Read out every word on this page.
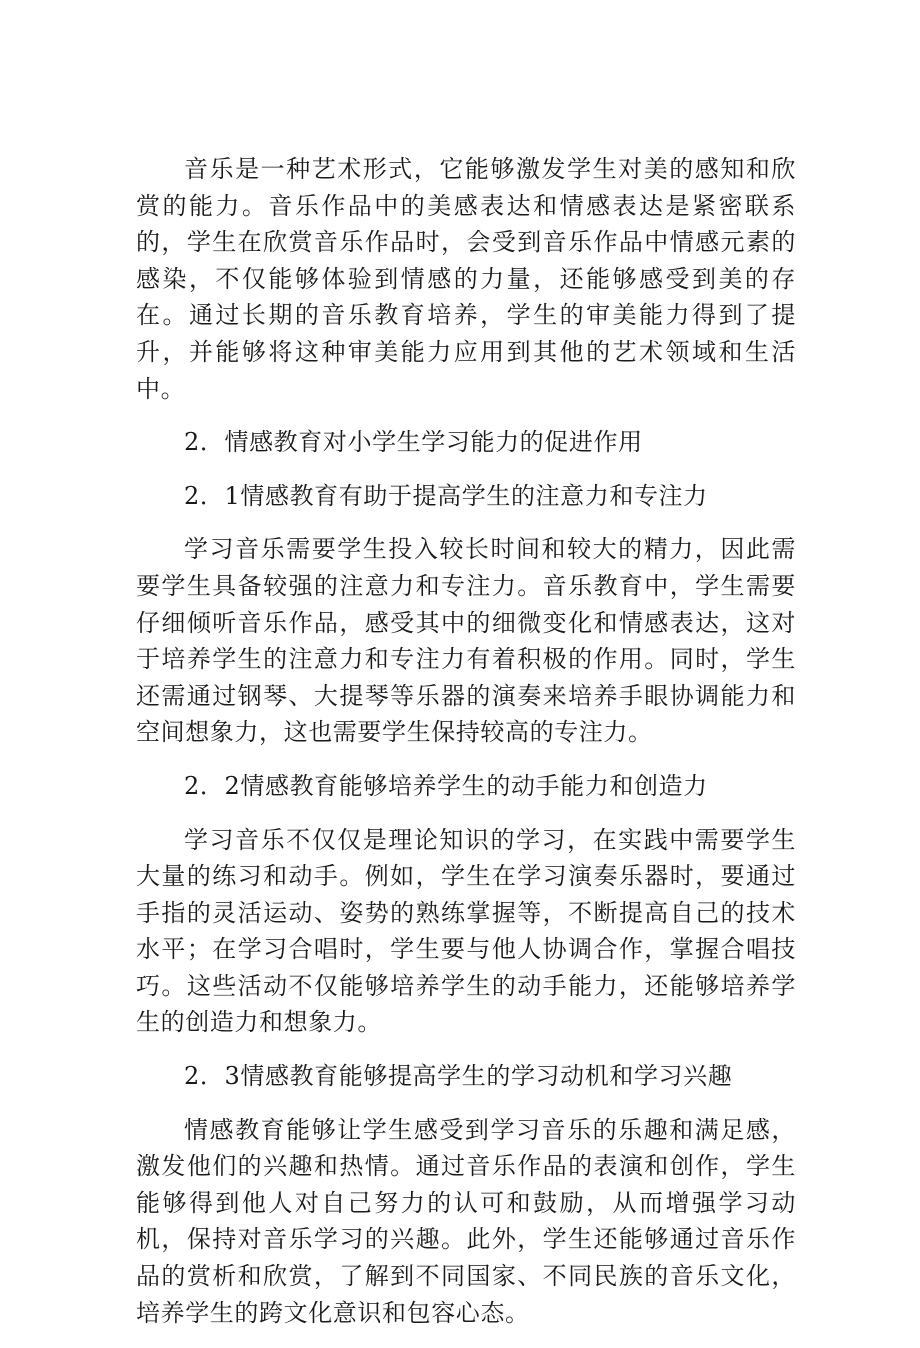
音乐是一种艺术形式，它能够激发学生对美的感知和欣赏的能力。音乐作品中的美感表达和情感表达是紧密联系的，学生在欣赏音乐作品时，会受到音乐作品中情感元素的感染，不仅能够体验到情感的力量，还能够感受到美的存在。通过长期的音乐教育培养，学生的审美能力得到了提升，并能够将这种审美能力应用到其他的艺术领域和生活中。

2．情感教育对小学生学习能力的促进作用

2．1情感教育有助于提高学生的注意力和专注力

学习音乐需要学生投入较长时间和较大的精力，因此需要学生具备较强的注意力和专注力。音乐教育中，学生需要仔细倾听音乐作品，感受其中的细微变化和情感表达，这对于培养学生的注意力和专注力有着积极的作用。同时，学生还需通过钢琴、大提琴等乐器的演奏来培养手眼协调能力和空间想象力，这也需要学生保持较高的专注力。

2．2情感教育能够培养学生的动手能力和创造力

学习音乐不仅仅是理论知识的学习，在实践中需要学生大量的练习和动手。例如，学生在学习演奏乐器时，要通过手指的灵活运动、姿势的熟练掌握等，不断提高自己的技术水平；在学习合唱时，学生要与他人协调合作，掌握合唱技巧。这些活动不仅能够培养学生的动手能力，还能够培养学生的创造力和想象力。

2．3情感教育能够提高学生的学习动机和学习兴趣

情感教育能够让学生感受到学习音乐的乐趣和满足感，激发他们的兴趣和热情。通过音乐作品的表演和创作，学生能够得到他人对自己努力的认可和鼓励，从而增强学习动机，保持对音乐学习的兴趣。此外，学生还能够通过音乐作品的赏析和欣赏，了解到不同国家、不同民族的音乐文化，培养学生的跨文化意识和包容心态。
